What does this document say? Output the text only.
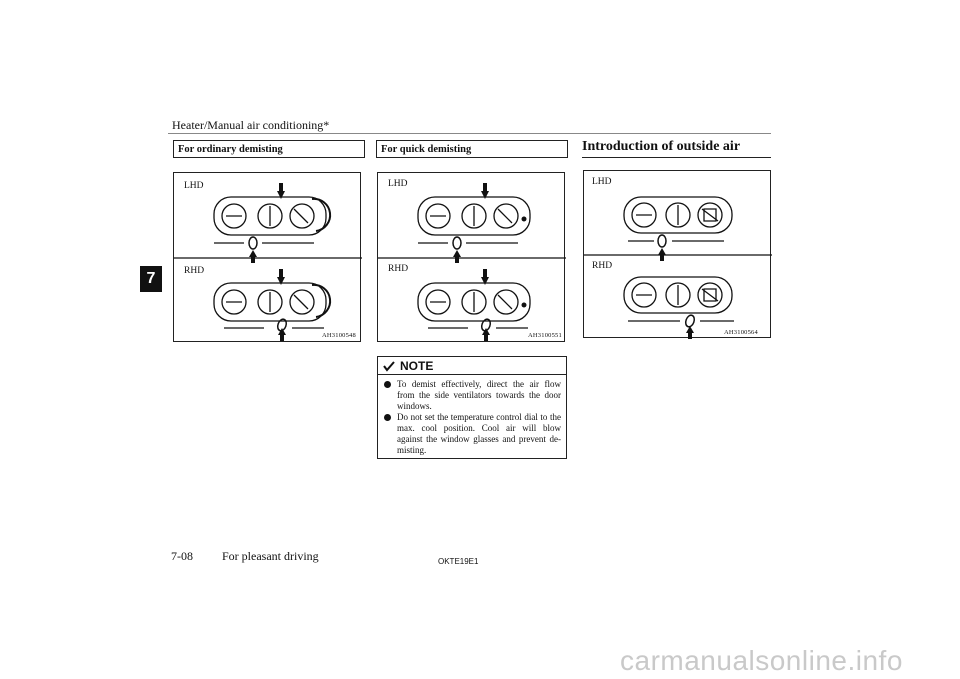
Heater/Manual air conditioning*
7
For ordinary demisting
LHD
RHD
AH3100548
For quick demisting
LHD
RHD
AH3100551
NOTE
To demist effectively, direct the air flow from the side ventilators towards the door windows.
Do not set the temperature control dial to the max. cool position. Cool air will blow against the window glasses and prevent de-misting.
Introduction of outside air
LHD
RHD
AH3100564
7-08 For pleasant driving	OKTE19E1
carmanualsonline.info
